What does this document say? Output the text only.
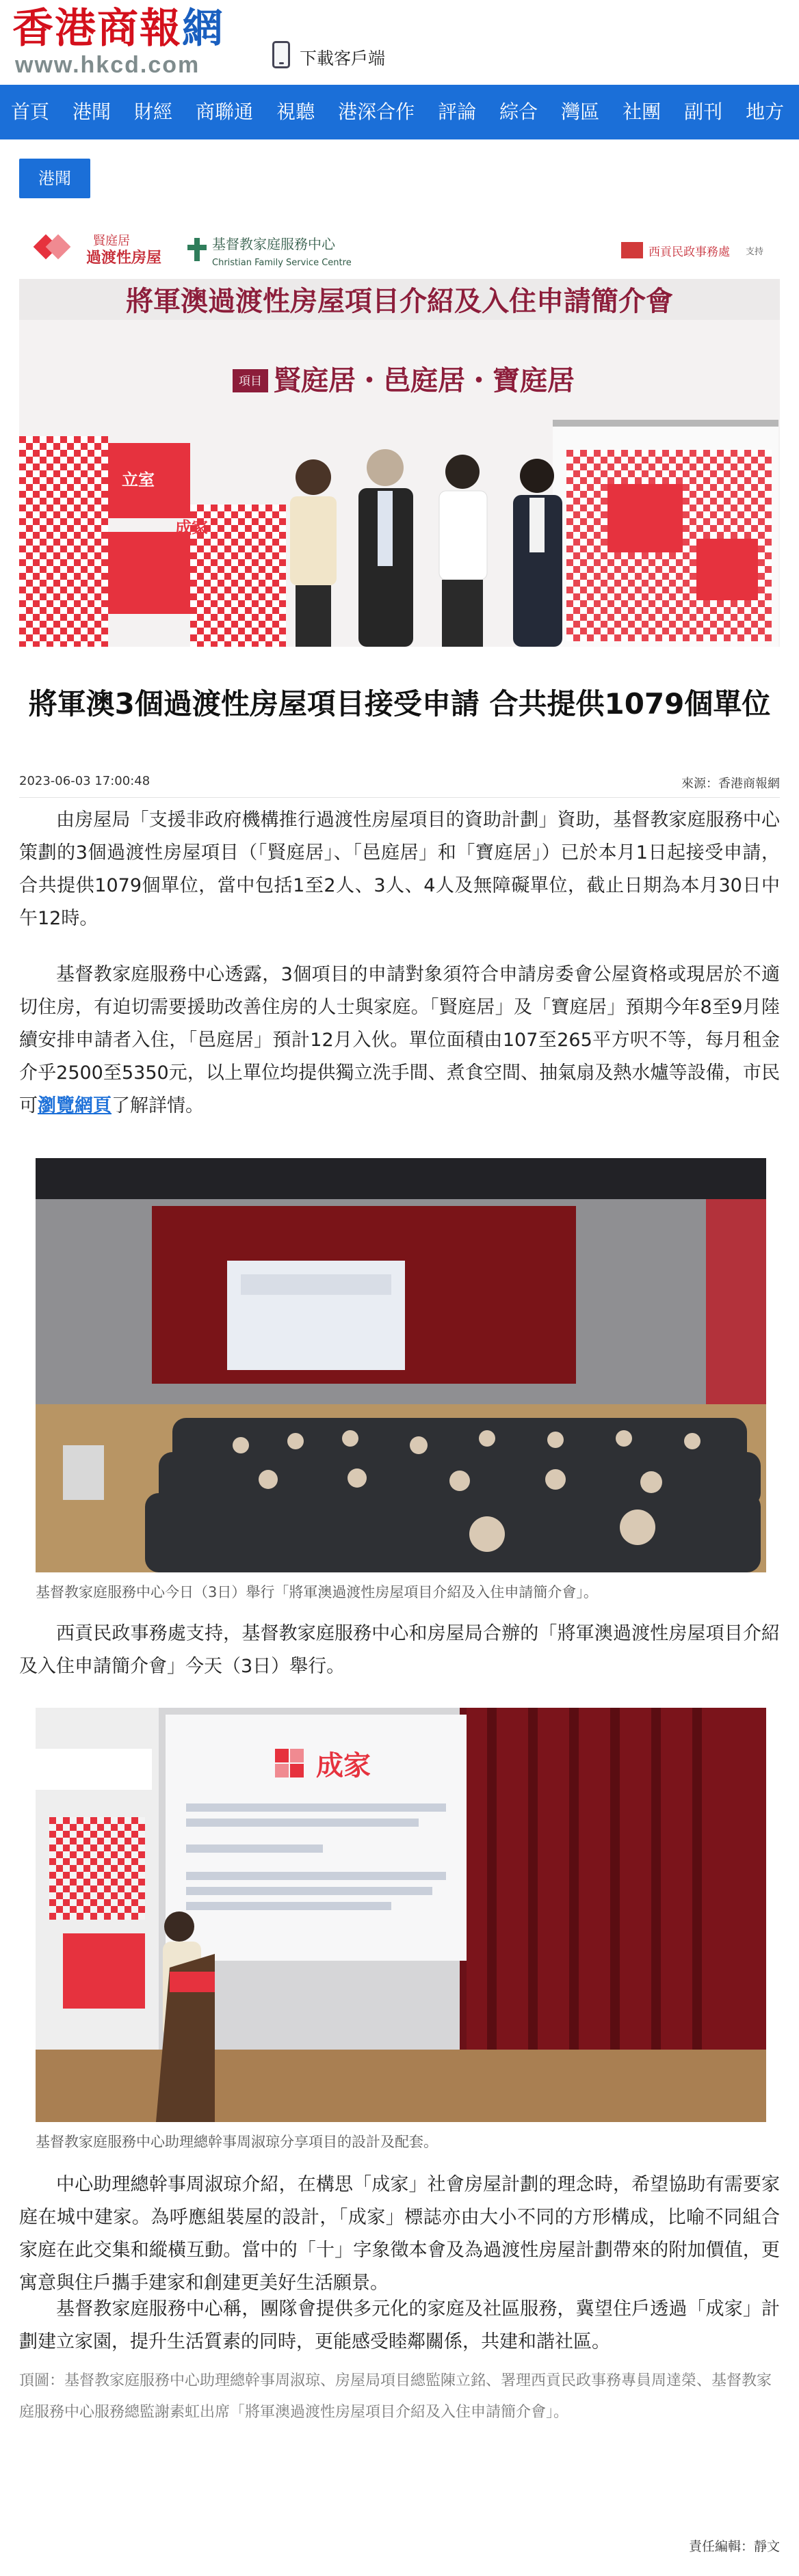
香港商報網
www.hkcd.com	下載客戶端
首頁 港聞 財經 商聯通 視聽 港深合作 評論 綜合 灣區 社團 副刊 地方
港聞
賢庭居
過渡性房屋
基督教家庭服務中心
Christian Family Service Centre
西貢民政事務處 支持
將軍澳過渡性房屋項目介紹及入住申請簡介會
項目 賢庭居・邑庭居・寶庭居
立室
成家
將軍澳3個過渡性房屋項目接受申請 合共提供1079個單位
2023-06-03 17:00:48	來源：香港商報網

由房屋局「支援非政府機構推行過渡性房屋項目的資助計劃」資助，基督教家庭服務中心策劃的3個過渡性房屋項目（「賢庭居」、「邑庭居」和「寶庭居」）已於本月1日起接受申請，合共提供1079個單位，當中包括1至2人、3人、4人及無障礙單位，截止日期為本月30日中午12時。

基督教家庭服務中心透露，3個項目的申請對象須符合申請房委會公屋資格或現居於不適切住房，有迫切需要援助改善住房的人士與家庭。「賢庭居」及「寶庭居」預期今年8至9月陸續安排申請者入住，「邑庭居」預計12月入伙。單位面積由107至265平方呎不等，每月租金介乎2500至5350元，以上單位均提供獨立洗手間、煮食空間、抽氣扇及熱水爐等設備，市民可瀏覽網頁了解詳情。

基督教家庭服務中心今日（3日）舉行「將軍澳過渡性房屋項目介紹及入住申請簡介會」。

西貢民政事務處支持，基督教家庭服務中心和房屋局合辦的「將軍澳過渡性房屋項目介紹及入住申請簡介會」今天（3日）舉行。

成家
基督教家庭服務中心助理總幹事周淑琼分享項目的設計及配套。

中心助理總幹事周淑琼介紹，在構思「成家」社會房屋計劃的理念時，希望協助有需要家庭在城中建家。為呼應組裝屋的設計，「成家」標誌亦由大小不同的方形構成，比喻不同組合家庭在此交集和縱橫互動。當中的「十」字象徵本會及為過渡性房屋計劃帶來的附加價值，更寓意與住戶攜手建家和創建更美好生活願景。

基督教家庭服務中心稱，團隊會提供多元化的家庭及社區服務，冀望住戶透過「成家」計劃建立家園，提升生活質素的同時，更能感受睦鄰關係，共建和諧社區。

頂圖：基督教家庭服務中心助理總幹事周淑琼、房屋局項目總監陳立銘、署理西貢民政事務專員周達榮、基督教家庭服務中心服務總監謝素虹出席「將軍澳過渡性房屋項目介紹及入住申請簡介會」。

責任編輯：靜文
